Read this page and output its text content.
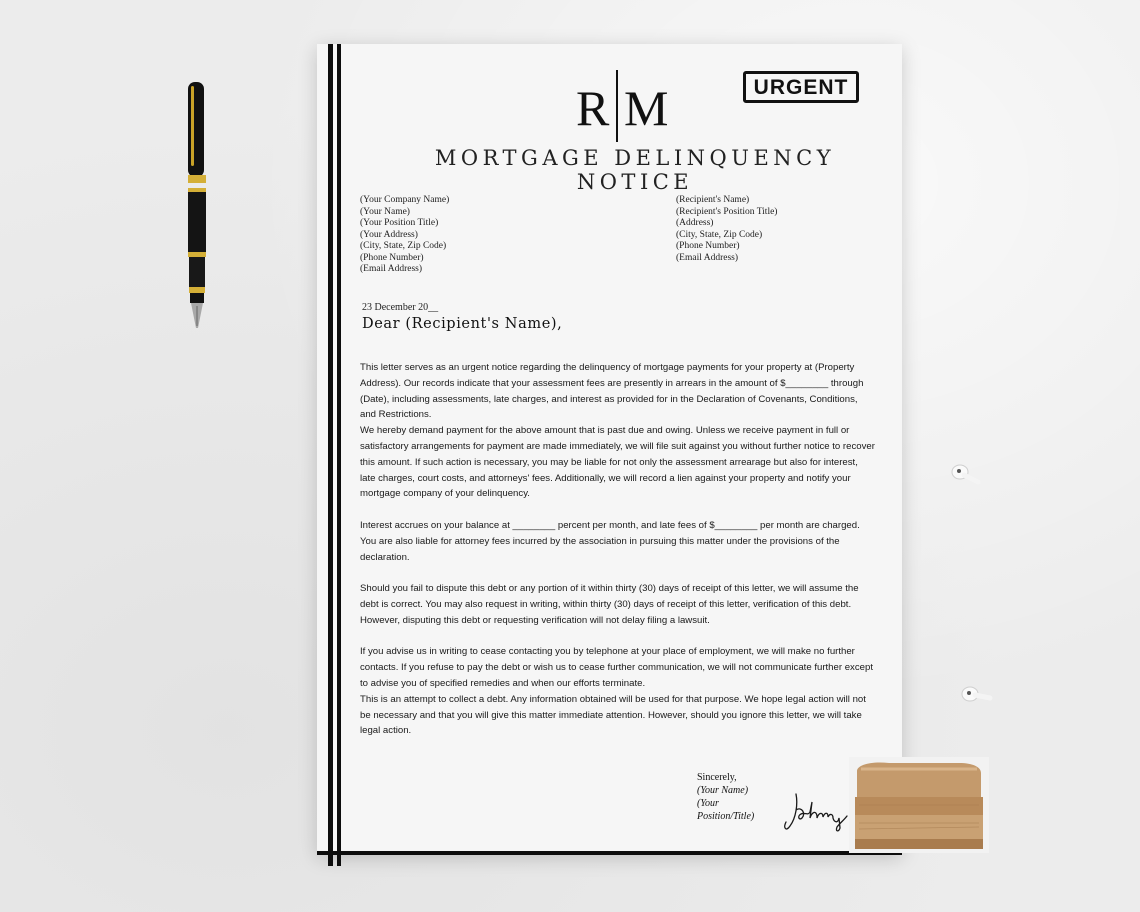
R M	URGENT
MORTGAGE DELINQUENCY NOTICE
(Your Company Name)
(Your Name)
(Your Position Title)
(Your Address)
(City, State, Zip Code)
(Phone Number)
(Email Address)
(Recipient's Name)
(Recipient's Position Title)
(Address)
(City, State, Zip Code)
(Phone Number)
(Email Address)
23 December 20__
Dear (Recipient's Name),

This letter serves as an urgent notice regarding the delinquency of mortgage payments for your property at (Property Address). Our records indicate that your assessment fees are presently in arrears in the amount of $________ through (Date), including assessments, late charges, and interest as provided for in the Declaration of Covenants, Conditions, and Restrictions.

We hereby demand payment for the above amount that is past due and owing. Unless we receive payment in full or satisfactory arrangements for payment are made immediately, we will file suit against you without further notice to recover this amount. If such action is necessary, you may be liable for not only the assessment arrearage but also for interest, late charges, court costs, and attorneys' fees. Additionally, we will record a lien against your property and notify your mortgage company of your delinquency.

Interest accrues on your balance at ________ percent per month, and late fees of $________ per month are charged. You are also liable for attorney fees incurred by the association in pursuing this matter under the provisions of the declaration.

Should you fail to dispute this debt or any portion of it within thirty (30) days of receipt of this letter, we will assume the debt is correct. You may also request in writing, within thirty (30) days of receipt of this letter, verification of this debt. However, disputing this debt or requesting verification will not delay filing a lawsuit.

If you advise us in writing to cease contacting you by telephone at your place of employment, we will make no further contacts. If you refuse to pay the debt or wish us to cease further communication, we will not communicate further except to advise you of specified remedies and when our efforts terminate.

This is an attempt to collect a debt. Any information obtained will be used for that purpose. We hope legal action will not be necessary and that you will give this matter immediate attention. However, should you ignore this letter, we will take legal action.

Sincerely,
(Your Name)
(Your
Position/Title)
